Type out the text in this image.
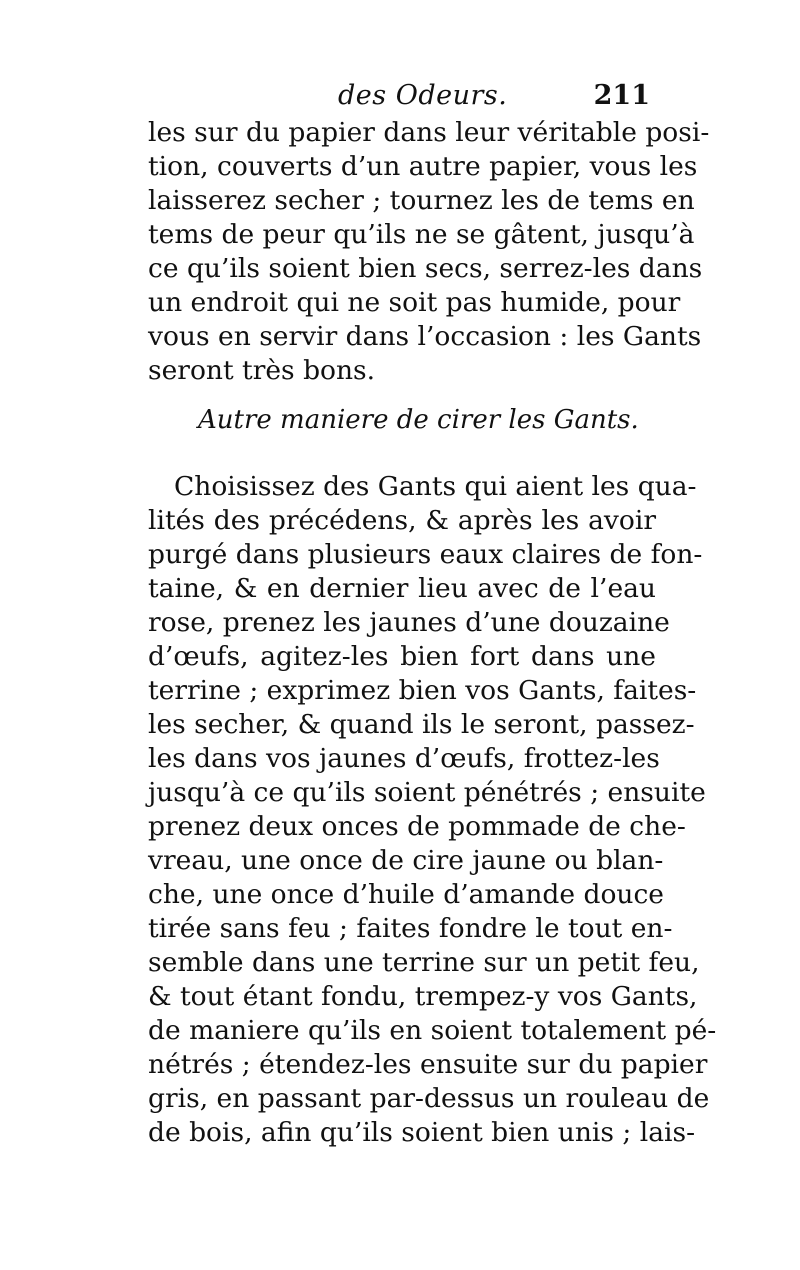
des Odeurs.	211
les sur du papier dans leur véritable posi-
tion, couverts d’un autre papier, vous les
laisserez secher ; tournez les de tems en
tems de peur qu’ils ne se gâtent, jusqu’à
ce qu’ils soient bien secs, serrez-les dans
un endroit qui ne soit pas humide, pour
vous en servir dans l’occasion : les Gants
seront très bons.
Autre maniere de cirer les Gants.
Choisissez des Gants qui aient les qua-
lités des précédens, & après les avoir
purgé dans plusieurs eaux claires de fon-
taine, & en dernier lieu avec de l’eau
rose, prenez les jaunes d’une douzaine
d’œufs, agitez-les bien fort dans une
terrine ; exprimez bien vos Gants, faites-
les secher, & quand ils le seront, passez-
les dans vos jaunes d’œufs, frottez-les
jusqu’à ce qu’ils soient pénétrés ; ensuite
prenez deux onces de pommade de che-
vreau, une once de cire jaune ou blan-
che, une once d’huile d’amande douce
tirée sans feu ; faites fondre le tout en-
semble dans une terrine sur un petit feu,
& tout étant fondu, trempez-y vos Gants,
de maniere qu’ils en soient totalement pé-
nétrés ; étendez-les ensuite sur du papier
gris, en passant par-dessus un rouleau de
de bois, afin qu’ils soient bien unis ; lais-
